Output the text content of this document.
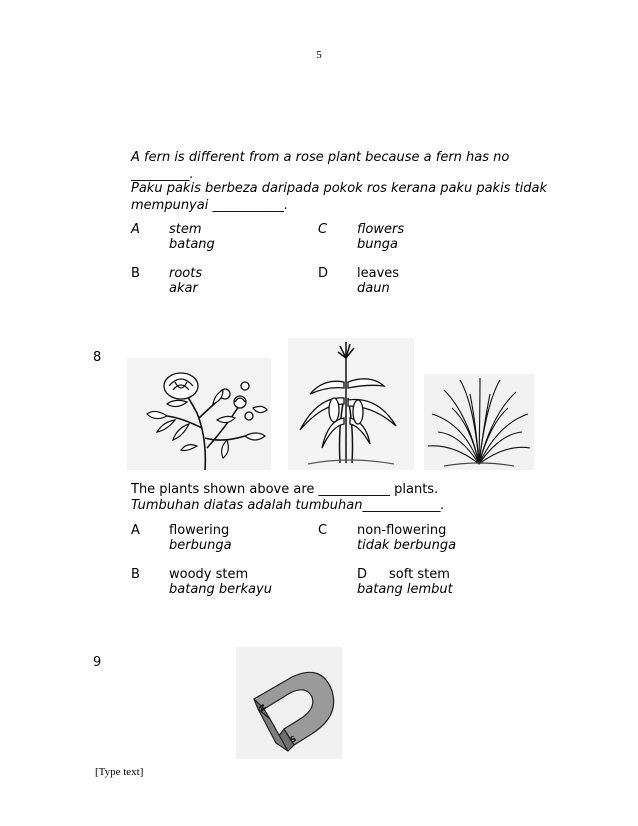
5
A fern is different from a rose plant because a fern has no
_________.
Paku pakis berbeza daripada pokok ros kerana paku pakis tidak
mempunyai ___________.
A stem
batang
C flowers
bunga
B roots
akar
D leaves
daun
8
The plants shown above are ___________ plants.
Tumbuhan diatas adalah tumbuhan____________.
A flowering
berbunga
C non-flowering
tidak berbunga
B woody stem
batang berkayu
D soft stem
batang lembut
9
N
S
[Type text]
